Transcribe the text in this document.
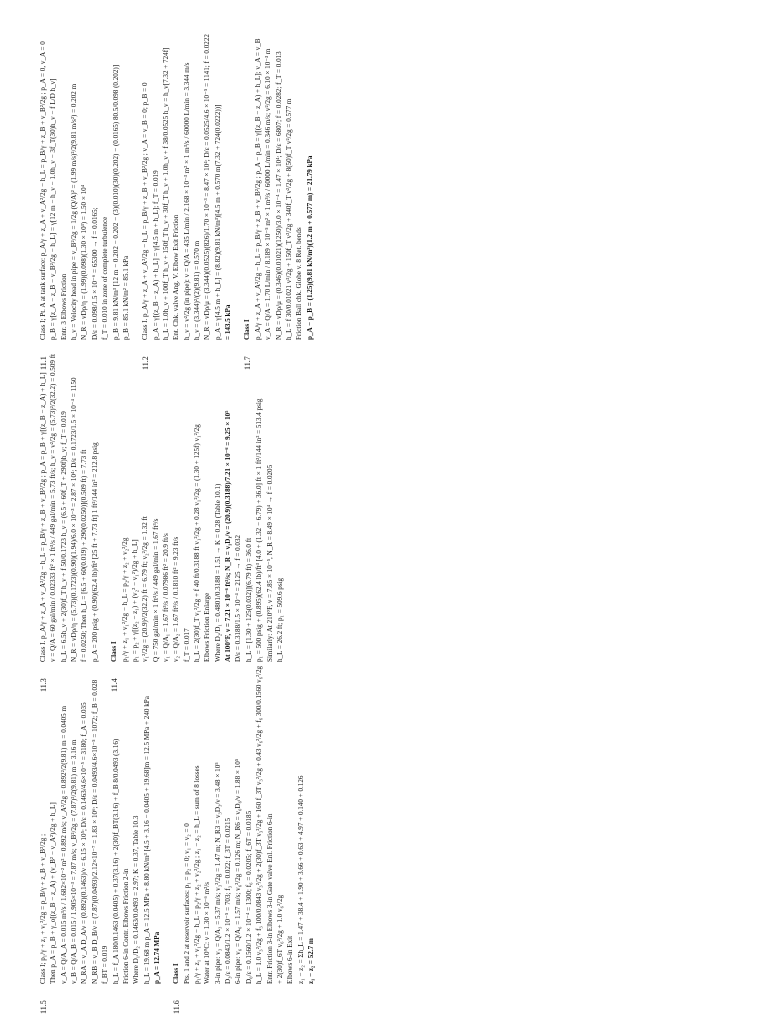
11.5
Class I; p₁/γ + z₁ + v₁²/2g = p_B/γ + z_B + v_B²/2g ; Then p_A = p_B + γ_o[(z_B − z_A) + (v_B² − v_A²)/2g + h_L] v_A = Q/A_A = 0.015 m³/s / 1.682×10⁻² m² = 0.892 m/s; v_A²/2g = 0.892²/2(9.81) m = 0.0405 m v_B = Q/A_B = 0.015 / 1.905×10⁻³ = 7.87 m/s; v_B²/2g = (7.87)²/2(9.81) m = 3.16 m N_RA = v_A D_A/ν = (0.892)(0.1463)/ν = 6.15 × 10⁵; D/ε = 0.1463/4.6×10⁻⁵ = 3180; f_A = 0.035 N_RB = v_B D_B/ν = (7.87)(0.0493)/2.12×10⁻⁷ = 1.83 × 10⁶; D/ε = 0.0493/4.6×10⁻⁵ = 1072; f_B = 0.028 f_BT = 0.019 h_L = f_A 180/0.1463 (0.0405) + 0.37(3.16) + 2(30)f_BT(3.16) + f_B 8/0.0493 (3.16) Friction 6-in Contr. Elbows Friction 2-in Where D₁/D₂ = 0.1463/0.0493 = 2.97; K = 0.37, Table 10.3 h_L = 19.68 m p_A = 12.5 MPa + 8.80 kN/m³ [4.5 + 3.16 − 0.0405 + 19.68]m = 12.5 MPa + 240 kPa p_A = 12.74 MPa
11.6
Class I Pts. 1 and 2 at reservoir surfaces: p₁ = p₂ = 0; v₁ = v₂ = 0 p₁/γ + z₁ + v₁²/2g − h_L = p₂/γ + z₂ + v₂²/2g ; z₁ − z₂ = h_L = sum of 8 losses Water at 10°C: ν = 1.30 × 10⁻⁶ m²/s 3-in pipe: v₃ = Q/A₃ = 5.37 m/s; v₃²/2g = 1.47 m; N_R3 = v₃D₃/ν = 3.48 × 10⁵ D₃/ε = 0.0843/1.2 × 10⁻⁵ = 703; f₃ = 0.022; f_3T = 0.0215 6-in pipe: v₆ = Q/A₆ = 1.57 m/s; v₆²/2g = 0.126 m; N_R6 = v₆D₆/ν = 1.88 × 10⁵ D₆/ε = 0.1560/1.2 × 10⁻⁴ = 1300; f₆ = 0.0205; f_6T = 0.0185 h_L = 1.0 v₃²/2g + f₃ 100/0.0843 v₃²/2g + 2(30)f_3T v₃²/2g + 160 f_3T v₃²/2g + 0.43 v₆²/2g + f₆ 300/0.1560 v₆²/2g Entr. Friction 3-in Elbows 3-in Gate valve Enl. Friction 6-in + 2(30)f_6T v₆²/2g + 1.0 v₆²/2g Elbows 6-in Exit z₁ − z₂ = Σh_L = 1.47 + 38.4 + 1.90 + 3.66 + 0.63 + 4.97 + 0.140 + 0.126 z₁ − z₂ = 52.7 m
11.3
Class I. p_A/γ + z_A + v_A²/2g − h_L = p_B/γ + z_B + v_B²/2g ; p_A = p_B + γ[(z_B − z_A) + h_L] v = Q/A = 60 gal/min / 0.02333 ft² × 1 ft³/s / 449 gal/min = 5.73 ft/s; h_v = v²/2g = (5.73)²/2(32.2) = 0.509 ft h_L = 6.5h_v + 2(30)f_T h_v + f 50/0.1723 h_v = (6.5 + 60f_T + 290f)h_v; f_T = 0.019 N_R = vDρ/η = (5.73)(0.1723)(0.90)(1.94)/6.0 × 10⁻³ = 2.87 × 10⁴; D/ε = 0.1723/1.5 × 10⁻⁴ = 1150 f = 0.0250; Then h_L = [6.5 + 60(0.019) + 290(0.0250)](0.509 ft) = 7.73 ft p_A = 200 psig + (0.90)(62.4 lb)/ft³ [25 ft + 7.73 ft] 1 ft²/144 in² = 212.8 psig
11.4
Class I p₁/γ + z₁ + v₁²/2g − h_L = p₂/γ + z₂ + v₂²/2g p₁ = p₂ + γ[(z₂ − z₁) + (v₂² − v₁²)/2g + h_L] v₁²/2g = (20.9)²/2(32.2) ft = 6.79 ft; v₂²/2g = 1.32 ft Q = 750 gal/min × 1 ft³/s / 449 gal/min = 1.67 ft³/s v₁ = Q/A₁ = 1.67 ft³/s / 0.07986 ft² = 20.9 ft/s v₂ = Q/A₂ = 1.67 ft³/s / 0.1810 ft² = 9.23 ft/s f_T = 0.017 h_L = 2(30)f_T v₁²/2g + f 40 ft/0.3188 ft v₁²/2g + 0.28 v₁²/2g = (1.30 + 125f) v₁²/2g Elbows Friction Enlarge Where D₂/D₁ = 0.4801/0.3188 = 1.51 → K = 0.28 (Table 10.1) At 100°F, ν = 7.21 × 10⁻⁶ ft²/s; N_R = v₁D₁/ν = (20.9)(0.3188)/7.21 × 10⁻⁶ = 9.25 × 10⁵ D/ε = 0.3188/1.5 × 10⁻⁴ = 2125 → f = 0.032 h_L = [1.30 + 125(0.032)](6.79 ft) = 36.0 ft p₁ = 500 psig + (0.895)(62.4 lb)/ft³ [4.0 + (1.32 − 6.79) + 36.0] ft × 1 ft²/144 in² = 513.4 psig Similarly: At 210°F, ν = 7.85 × 10⁻⁵, N_R = 8.49 × 10⁴ → f = 0.0205 h_L = 26.2 ft; p₁ = 509.6 psig
11.1
Class I; Pt. A at tank surface: p_A/γ + z_A + v_A²/2g − h_L = p_B/γ + z_B + v_B²/2g ; p_A = 0, v_A = 0 p_B = γ[z_A − z_B − v_B²/2g − h_L] = γ[12 m − h_v − 1.0h_v − 3f_T(30)h_v − f L/D h_v] Entr. 3 Elbows Friction h_v = Velocity head in pipe = v_B²/2g = 1/2g (Q/A)² = (1.99 m/s)²/2(9.81 m/s²) = 0.202 m N_R = vDρ/η = (1.99)(0.098)(1.30 × 10³) = 1.50 × 10⁴ D/ε = 0.098/1.5 × 10⁻⁶ = 65300 → f = 0.0165; f_T = 0.010 in zone of complete turbulence p_B = 9.81 kN/m³ [12 m − 0.202 − 0.202 − (3)(0.010)(30)(0.202) − (0.0165) 80.5/0.098 (0.202)] p_B = 85.1 kN/m² = 85.1 kPa
11.2
Class I. p_A/γ + z_A + v_A²/2g − h_L = p_B/γ + z_B + v_B²/2g ; v_A = v_B = 0; p_B = 0 p_A = γ[(z_B − z_A) + h_L] = γ[4.5 m + h_L]; f_T = 0.019 h_L = 1.0h_v + 100f_T h_v + 150f_T h_v + 30f_T h_v + 1.0h_v + f 38/0.0525 h_v = h_v[7.32 + 724f] Ent. Chk. valve Ang. V. Elbow Exit Friction h_v = v²/2g (in pipe): v = Q/A = 435 L/min / 2.168 × 10⁻³ m² × 1 m³/s / 60000 L/min = 3.344 m/s h_v = (3.344)²/(2)(9.81) = 0.570 m N_R = vDρ/μ = (3.344)(0.0525)(826)/1.70 × 10⁻³ = 8.47 × 10⁴; D/ε = 0.0525/4.6 × 10⁻⁵ = 1141; f = 0.0222 p_A = γ[4.5 m + h_L] = (8.82)(9.81 kN/m³)[4.5 m + 0.570 m(7.32 + 724(0.0222))] = 143.5 kPa
11.7
Class I p_A/γ + z_A + v_A²/2g − h_L = p_B/γ + z_B + v_B²/2g ; p_A − p_B = γ[(z_B − z_A) + h_L]; v_A = v_B v_A = Q/A = 1.70 L/min / 8.189 × 10⁻⁵ m² × 1 m³/s / 60000 L/min = 0.346 m/s; v²/2g = 6.10 × 10⁻³ m N_R = vDρ/μ = (0.346)(0.01021)(1250)/3.0 × 10⁻⁴ = 1.47 × 10⁴; D/ε = 6807; f = 0.0282; f_T = 0.013 h_L = f 30/0.01021 v²/2g + 150f_T v²/2g + 340f_T v²/2g + 8(50)f_T v²/2g = 0.577 m Friction Ball chk. Globe v. 8 Ret. bends p_A − p_B = (1.25)(9.81 kN/m³)(1.2 m + 0.577 m) = 21.79 kPa
